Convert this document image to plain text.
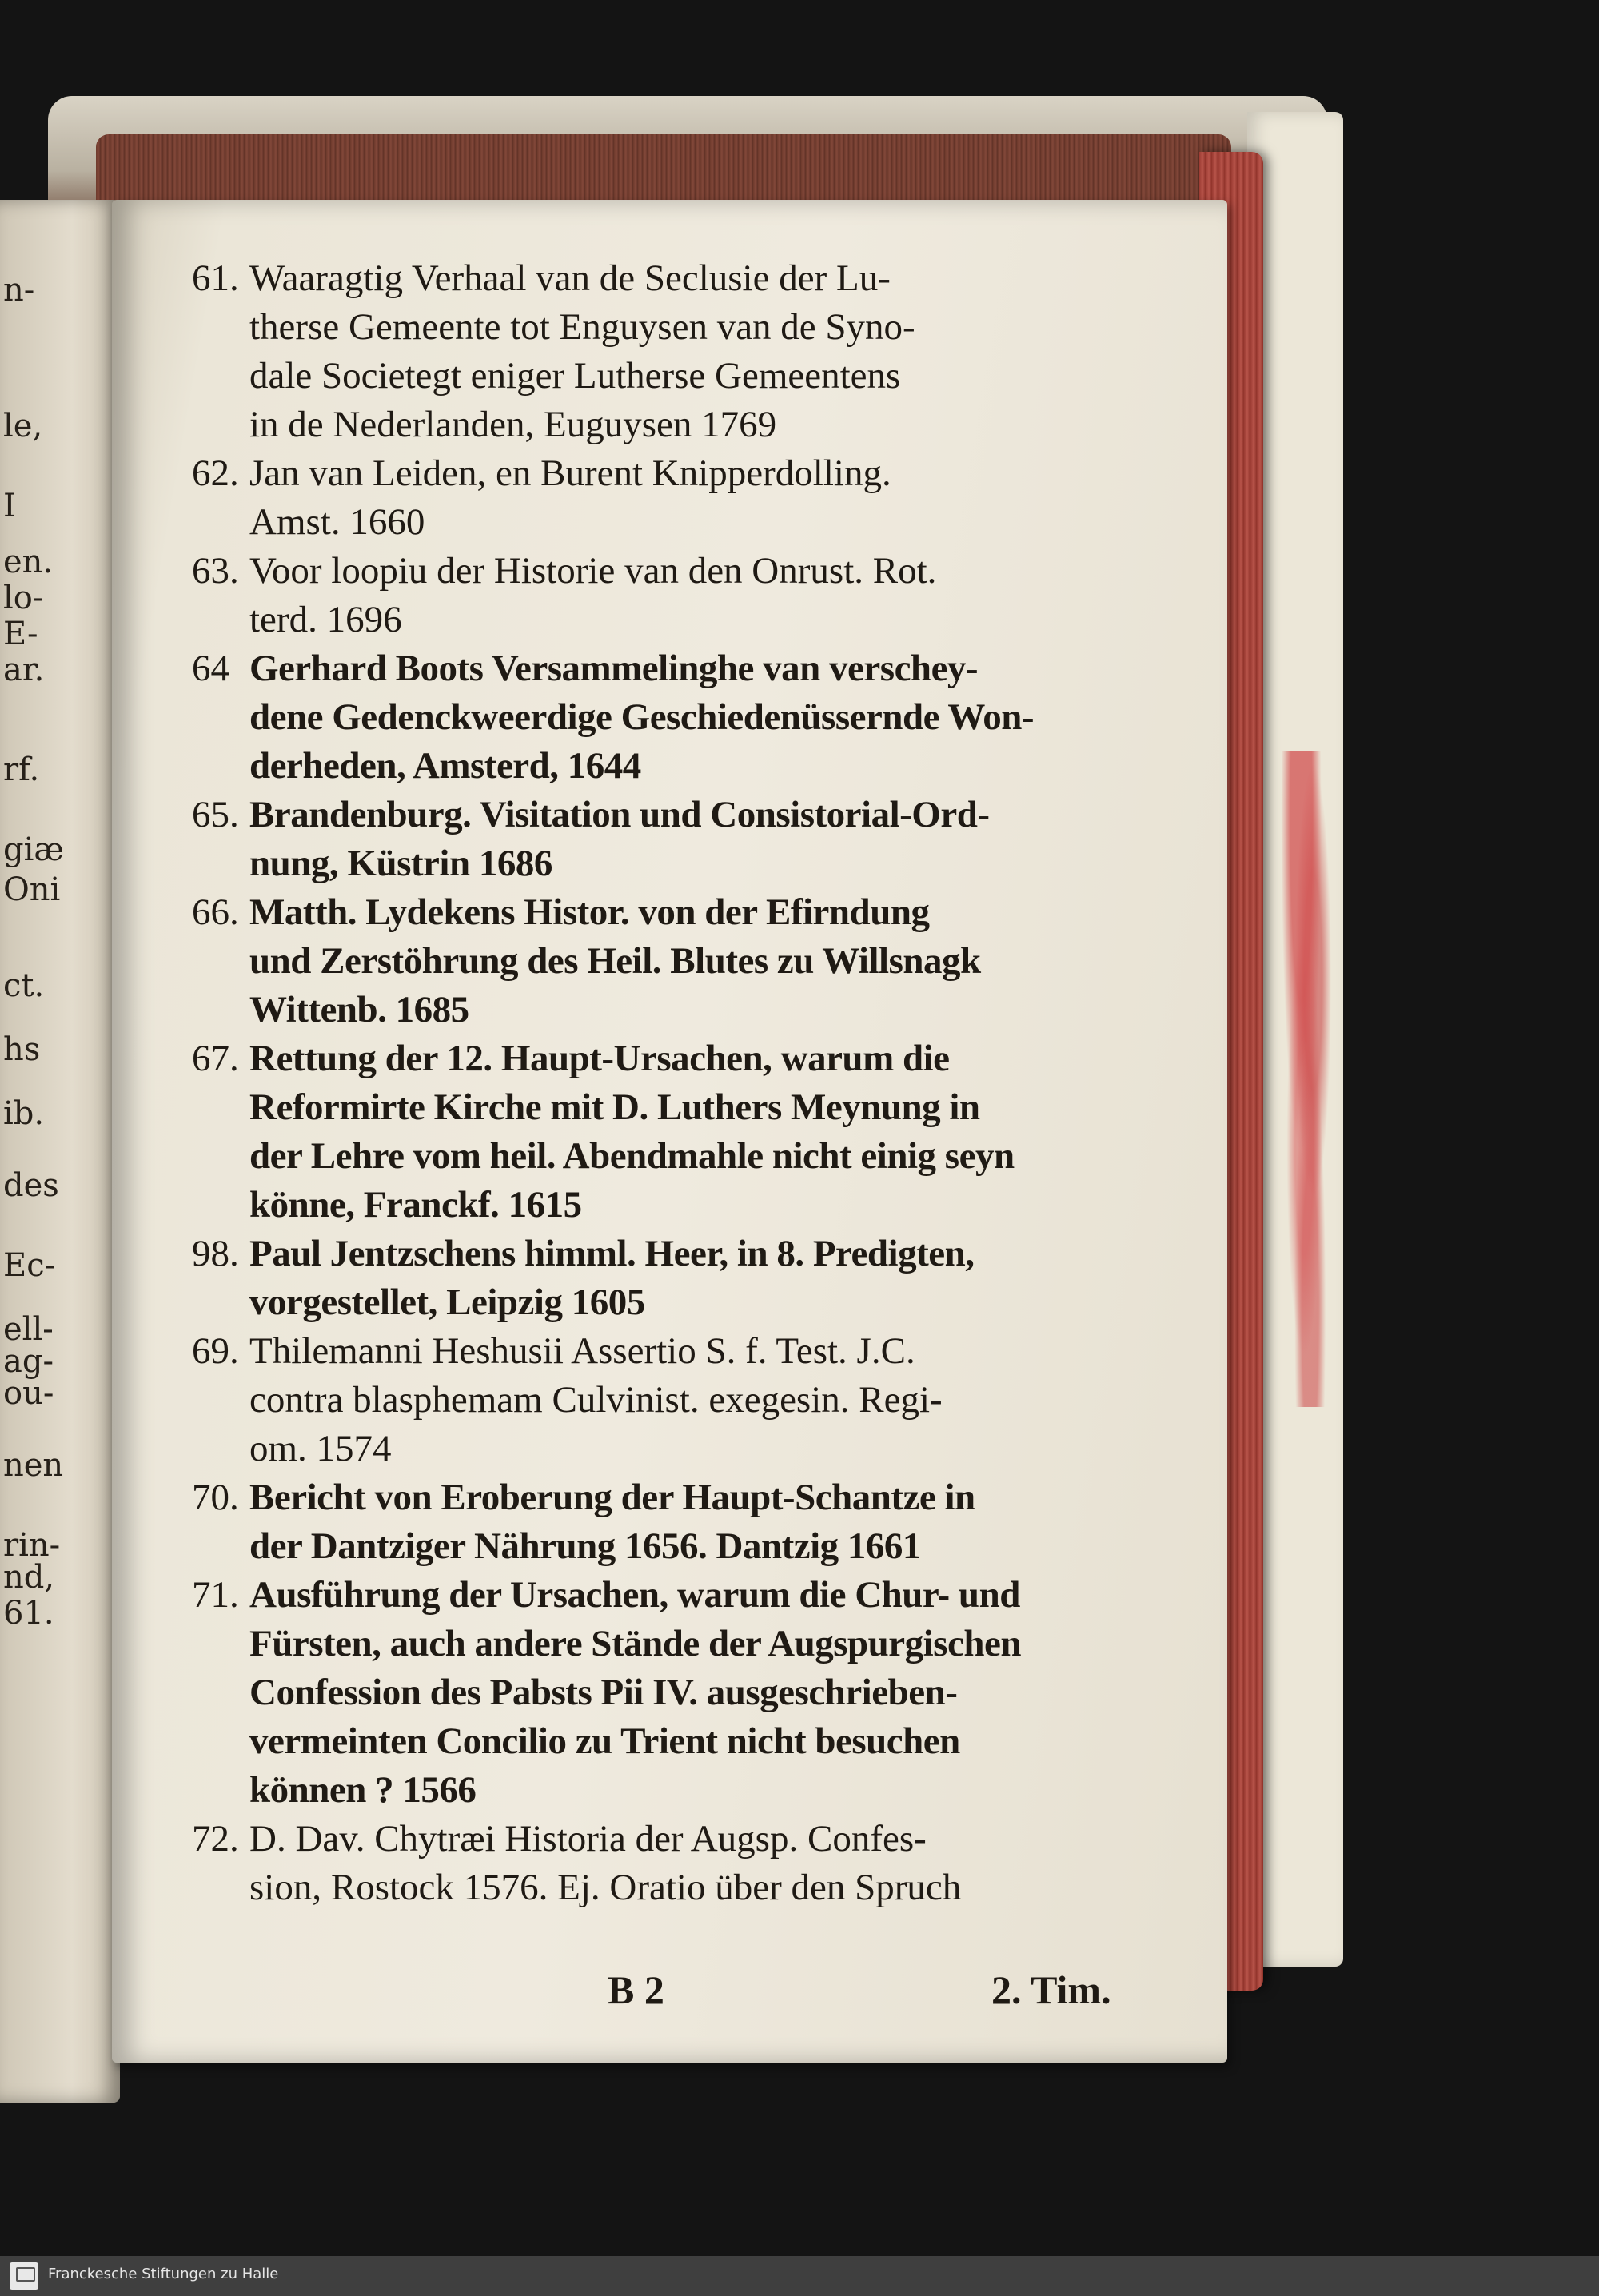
n-
le,
I
en.
lo-
E-
ar.
rf.
giæ
Oni
ct.
hs
ib.
des
Ec-
ell-
ag-
ou-
nen
rin-
nd,
61.
61. Waaragtig Verhaal van de Seclusie der Lu-
therse Gemeente tot Enguysen van de Syno-
dale Societegt eniger Lutherse Gemeentens
in de Nederlanden, Euguysen 1769
62. Jan van Leiden, en Burent Knipperdolling.
Amst. 1660
63. Voor loopiu der Historie van den Onrust. Rot.
terd. 1696
64 Gerhard Boots Versammelinghe van verschey-
dene Gedenckweerdige Geschiedenüssernde Won-
derheden, Amsterd, 1644
65. Brandenburg. Visitation und Consistorial-Ord-
nung, Küstrin 1686
66. Matth. Lydekens Histor. von der Efirndung
und Zerstöhrung des Heil. Blutes zu Willsnagk
Wittenb. 1685
67. Rettung der 12. Haupt-Ursachen, warum die
Reformirte Kirche mit D. Luthers Meynung in
der Lehre vom heil. Abendmahle nicht einig seyn
könne, Franckf. 1615
98. Paul Jentzschens himml. Heer, in 8. Predigten,
vorgestellet, Leipzig 1605
69. Thilemanni Heshusii Assertio S. f. Test. J.C.
contra blasphemam Culvinist. exegesin. Regi-
om. 1574
70. Bericht von Eroberung der Haupt-Schantze in
der Dantziger Nährung 1656. Dantzig 1661
71. Ausführung der Ursachen, warum die Chur- und
Fürsten, auch andere Stände der Augspurgischen
Confession des Pabsts Pii IV. ausgeschrieben-
vermeinten Concilio zu Trient nicht besuchen
können ? 1566
72. D. Dav. Chytræi Historia der Augsp. Confes-
sion, Rostock 1576. Ej. Oratio über den Spruch
B 2	2. Tim.
Franckesche Stiftungen zu Halle
